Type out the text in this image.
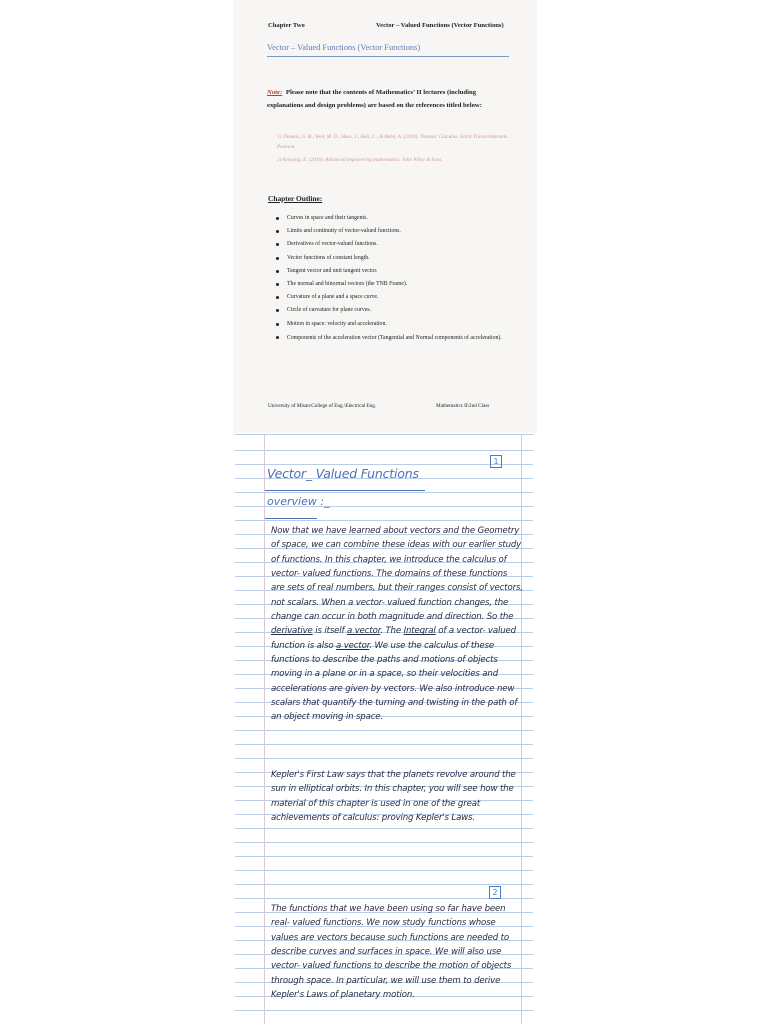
Chapter Two	Vector – Valued Functions (Vector Functions)
Vector – Valued Functions (Vector Functions)
Note: Please note that the contents of Mathematics’ II lectures (including explanations and design problems) are based on the references titled below:
1) Thomas, G. B., Weir, M. D., Hass, J., Heil, C., & Behn, A. (2018). Thomas' Calculus: Early Transcendentals. Pearson.
2) Kreyszig, E. (2010). Advanced engineering mathematics. John Wiley & Sons.
Chapter Outline:
Curves in space and their tangents.
Limits and continuity of vector-valued functions.
Derivatives of vector-valued functions.
Vector functions of constant length.
Tangent vector and unit tangent vector.
The normal and binormal vectors (the TNB Frame).
Curvature of a plane and a space curve.
Circle of curvature for plane curves.
Motion in space: velocity and acceleration.
Components of the acceleration vector (Tangential and Normal components of acceleration).
University of Misan\College of Eng.\Electrical Eng.	Mathematics II\2nd Class
1
Vector_ Valued Functions
overview :_
Now that we have learned about vectors and the Geometry of space, we can combine these ideas with our earlier study of functions. In this chapter, we introduce the calculus of vector- valued functions. The domains of these functions are sets of real numbers, but their ranges consist of vectors, not scalars. When a vector- valued function changes, the change can occur in both magnitude and direction. So the derivative is itself a vector. The Integral of a vector- valued function is also a vector. We use the calculus of these functions to describe the paths and motions of objects moving in a plane or in a space, so their velocities and accelerations are given by vectors. We also introduce new scalars that quantify the turning and twisting in the path of an object moving in space.
Kepler's First Law says that the planets revolve around the sun in elliptical orbits. In this chapter, you will see how the material of this chapter is used in one of the great achievements of calculus: proving Kepler's Laws.
2
The functions that we have been using so far have been real- valued functions. We now study functions whose values are vectors because such functions are needed to describe curves and surfaces in space. We will also use vector- valued functions to describe the motion of objects through space. In particular, we will use them to derive Kepler's Laws of planetary motion.
